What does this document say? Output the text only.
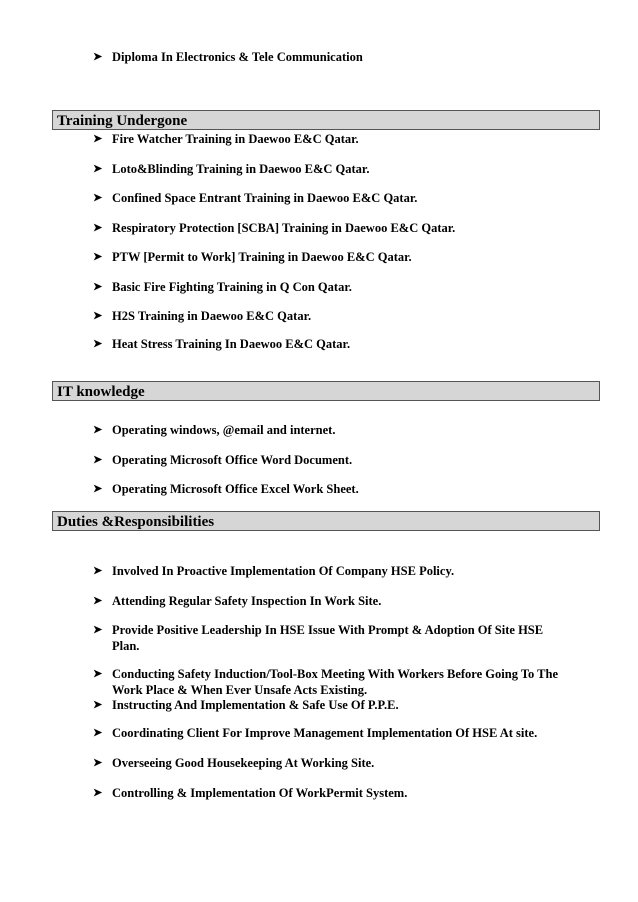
➤ Diploma In Electronics & Tele Communication
Training Undergone
➤ Fire Watcher Training in Daewoo E&C Qatar.
➤ Loto&Blinding Training in Daewoo E&C Qatar.
➤ Confined Space Entrant Training in Daewoo E&C Qatar.
➤ Respiratory Protection [SCBA] Training in Daewoo E&C Qatar.
➤ PTW [Permit to Work] Training in Daewoo E&C Qatar.
➤ Basic Fire Fighting Training in Q Con Qatar.
➤ H2S Training in Daewoo E&C Qatar.
➤ Heat Stress Training In Daewoo E&C Qatar.
IT knowledge
➤ Operating windows, @email and internet.
➤ Operating Microsoft Office Word Document.
➤ Operating Microsoft Office Excel Work Sheet.
Duties &Responsibilities
➤ Involved In Proactive Implementation Of Company HSE Policy.
➤ Attending Regular Safety Inspection In Work Site.
➤ Provide Positive Leadership In HSE Issue With Prompt & Adoption Of Site HSE Plan.
➤ Conducting Safety Induction/Tool-Box Meeting With Workers Before Going To The Work Place & When Ever Unsafe Acts Existing.
➤ Instructing And Implementation & Safe Use Of P.P.E.
➤ Coordinating Client For Improve Management Implementation Of HSE At site.
➤ Overseeing Good Housekeeping At Working Site.
➤ Controlling & Implementation Of WorkPermit System.
